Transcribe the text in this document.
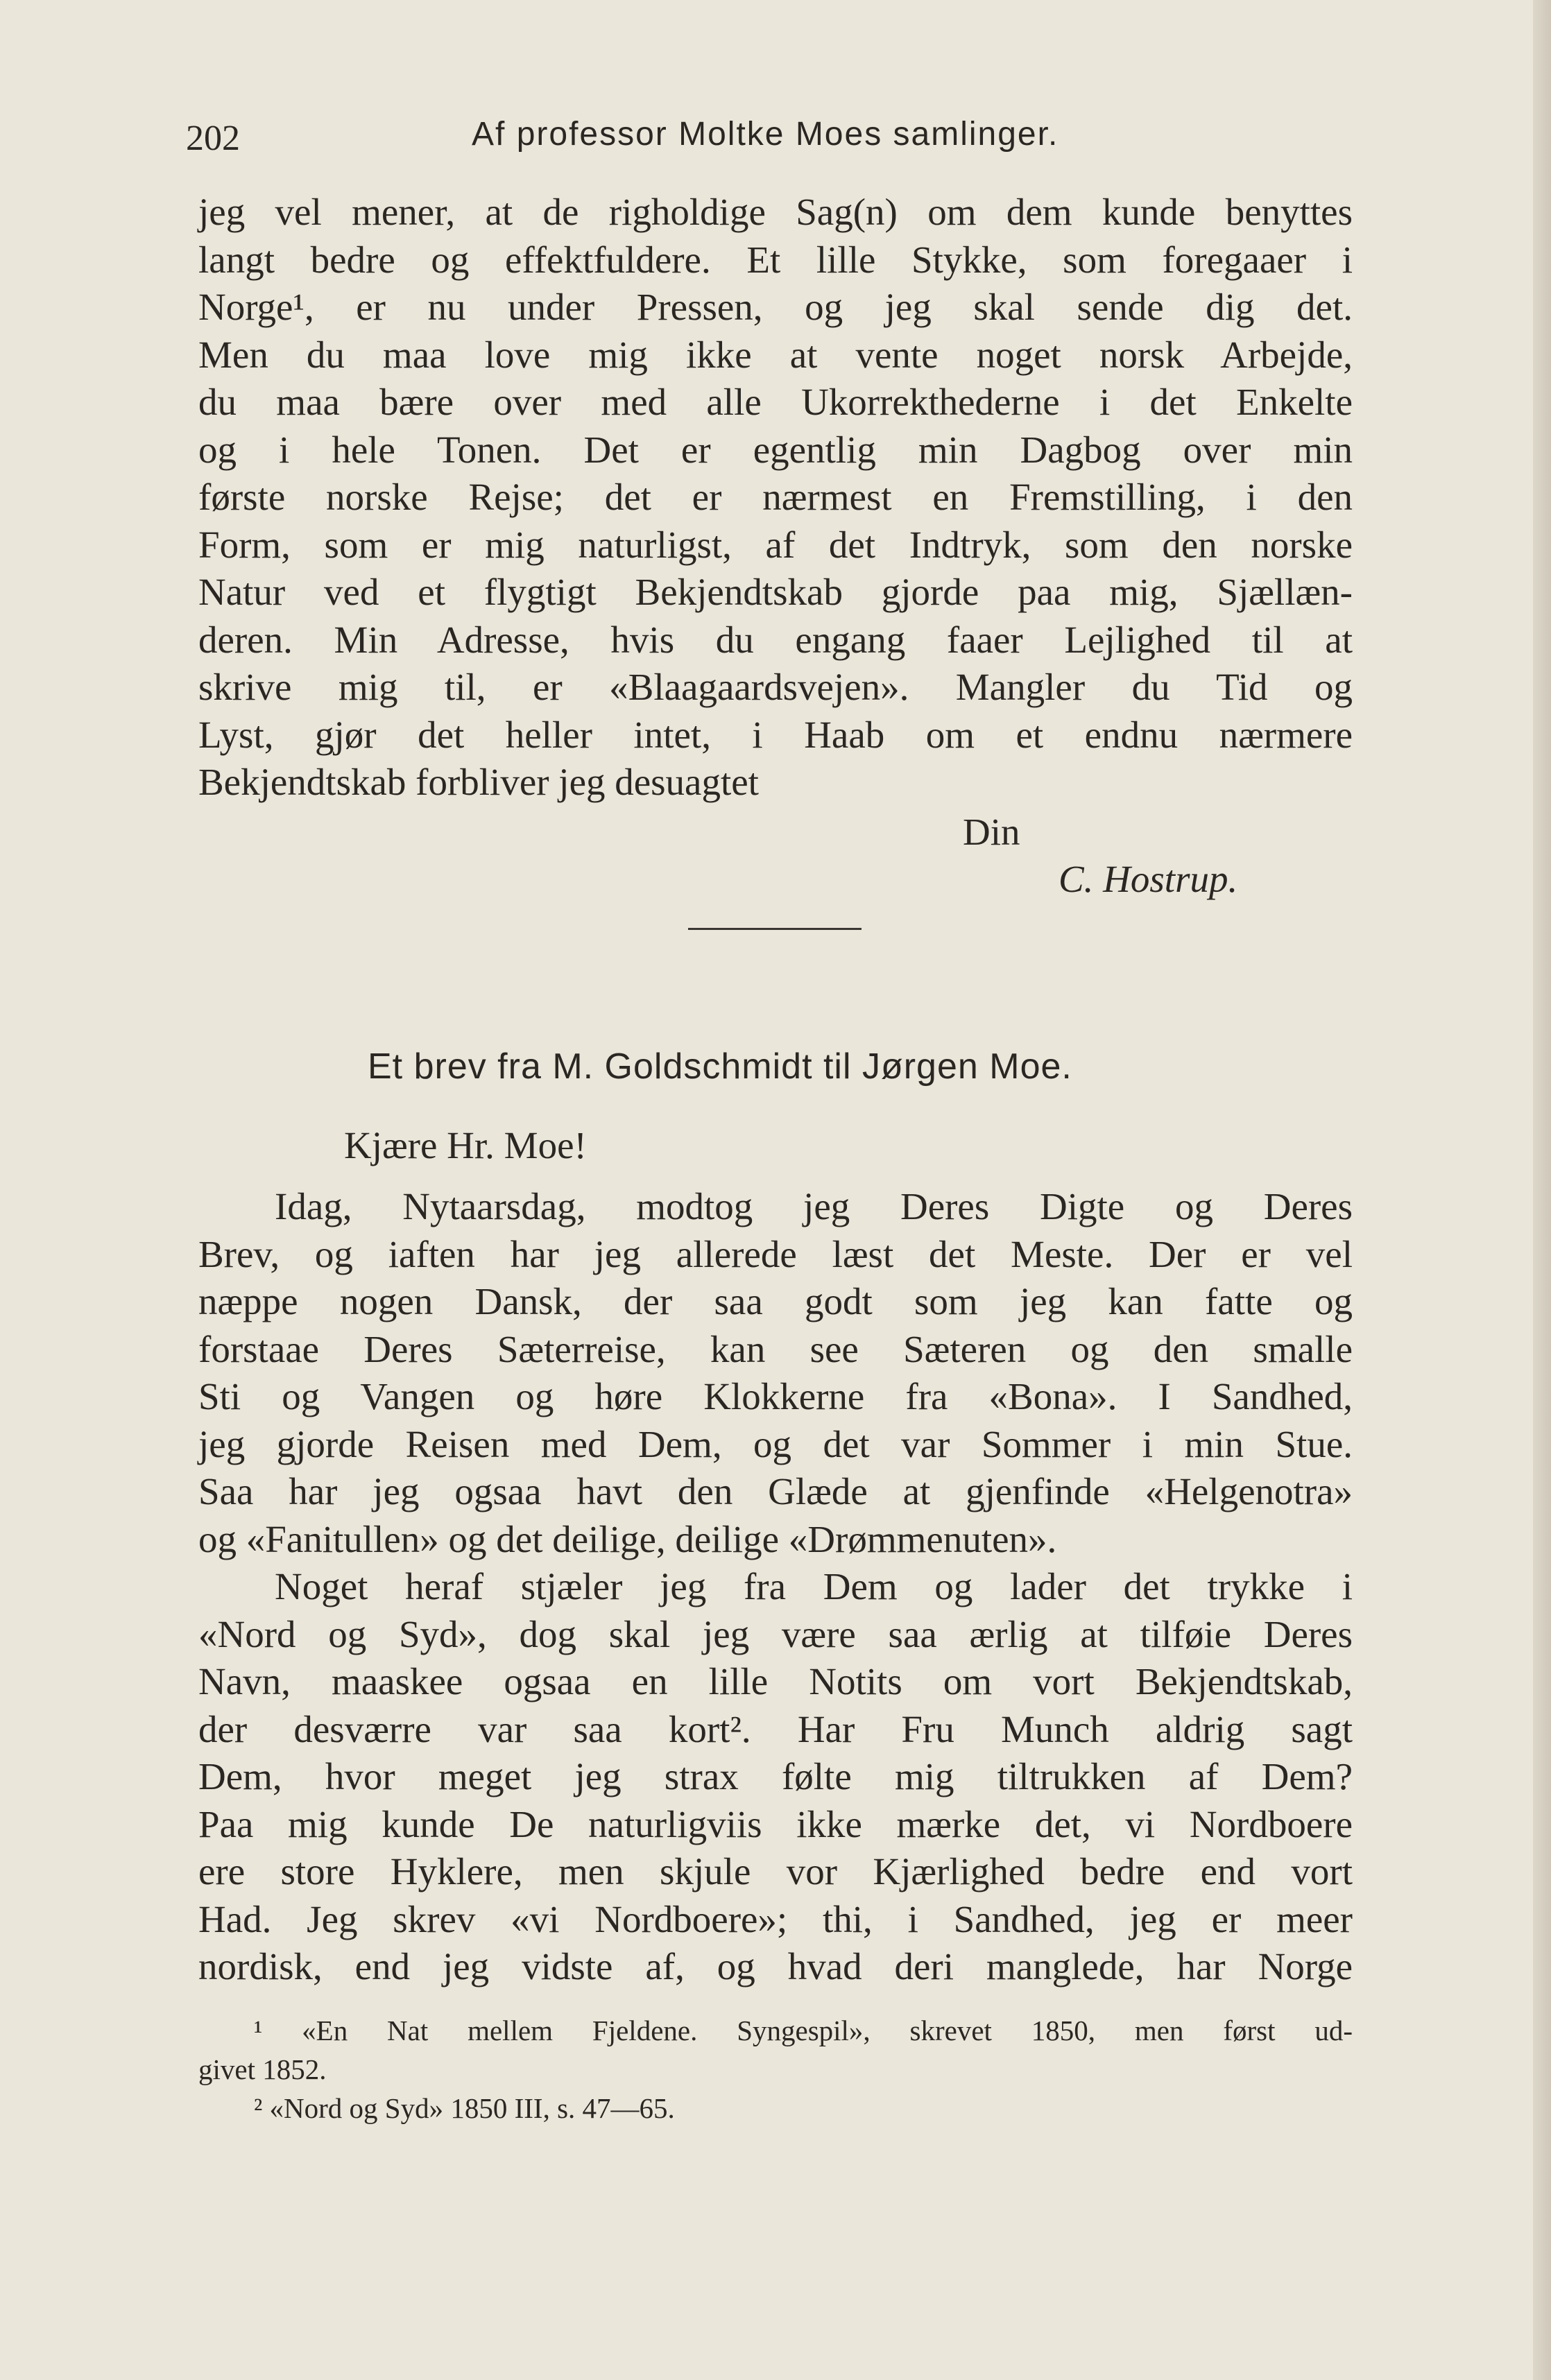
202	Af professor Moltke Moes samlinger.
jeg vel mener, at de righoldige Sag(n) om dem kunde benyttes
langt bedre og effektfuldere. Et lille Stykke, som foregaaer i
Norge¹, er nu under Pressen, og jeg skal sende dig det.
Men du maa love mig ikke at vente noget norsk Arbejde,
du maa bære over med alle Ukorrekthederne i det Enkelte
og i hele Tonen. Det er egentlig min Dagbog over min
første norske Rejse; det er nærmest en Fremstilling, i den
Form, som er mig naturligst, af det Indtryk, som den norske
Natur ved et flygtigt Bekjendtskab gjorde paa mig, Sjællæn-
deren. Min Adresse, hvis du engang faaer Lejlighed til at
skrive mig til, er «Blaagaardsvejen». Mangler du Tid og
Lyst, gjør det heller intet, i Haab om et endnu nærmere
Bekjendtskab forbliver jeg desuagtet
Din
C. Hostrup.
Et brev fra M. Goldschmidt til Jørgen Moe.
Kjære Hr. Moe!
Idag, Nytaarsdag, modtog jeg Deres Digte og Deres
Brev, og iaften har jeg allerede læst det Meste. Der er vel
næppe nogen Dansk, der saa godt som jeg kan fatte og
forstaae Deres Sæterreise, kan see Sæteren og den smalle
Sti og Vangen og høre Klokkerne fra «Bona». I Sandhed,
jeg gjorde Reisen med Dem, og det var Sommer i min Stue.
Saa har jeg ogsaa havt den Glæde at gjenfinde «Helgenotra»
og «Fanitullen» og det deilige, deilige «Drømmenuten».
Noget heraf stjæler jeg fra Dem og lader det trykke i
«Nord og Syd», dog skal jeg være saa ærlig at tilføie Deres
Navn, maaskee ogsaa en lille Notits om vort Bekjendtskab,
der desværre var saa kort². Har Fru Munch aldrig sagt
Dem, hvor meget jeg strax følte mig tiltrukken af Dem?
Paa mig kunde De naturligviis ikke mærke det, vi Nordboere
ere store Hyklere, men skjule vor Kjærlighed bedre end vort
Had. Jeg skrev «vi Nordboere»; thi, i Sandhed, jeg er meer
nordisk, end jeg vidste af, og hvad deri manglede, har Norge
¹ «En Nat mellem Fjeldene. Syngespil», skrevet 1850, men først ud-
givet 1852.
² «Nord og Syd» 1850 III, s. 47—65.
